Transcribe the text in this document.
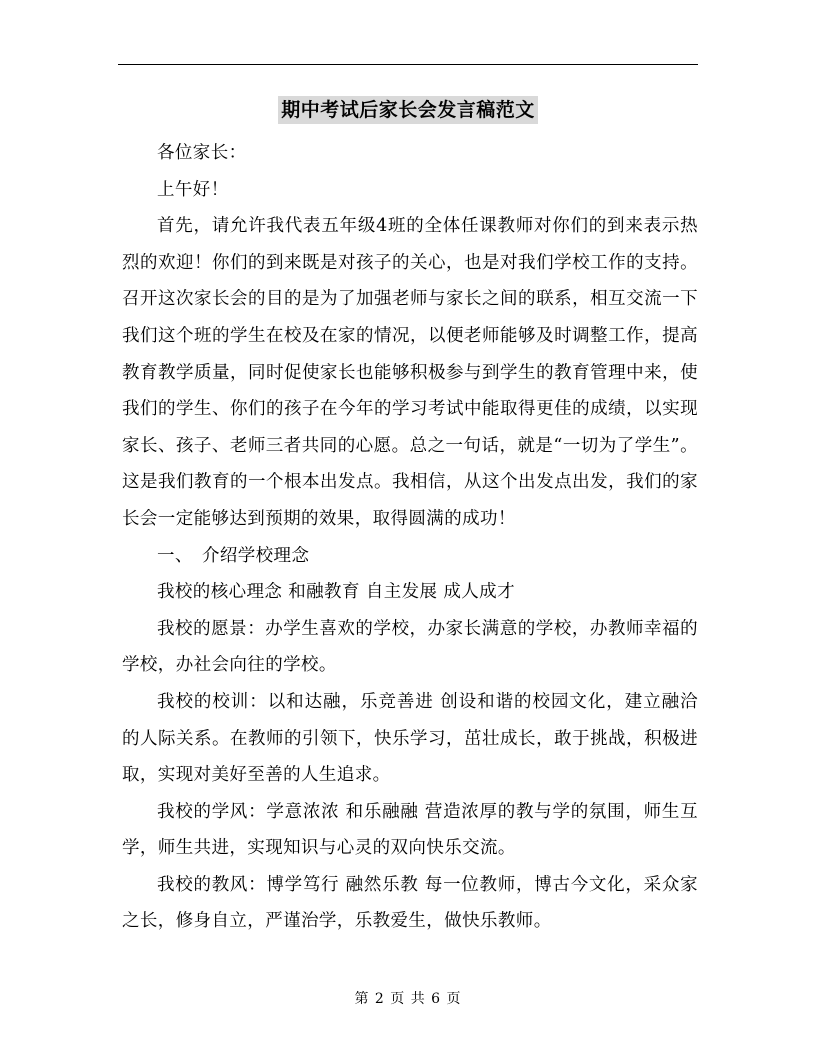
期中考试后家长会发言稿范文

各位家长：

上午好！

首先，请允许我代表五年级4班的全体任课教师对你们的到来表示热烈的欢迎！你们的到来既是对孩子的关心，也是对我们学校工作的支持。召开这次家长会的目的是为了加强老师与家长之间的联系，相互交流一下我们这个班的学生在校及在家的情况，以便老师能够及时调整工作，提高教育教学质量，同时促使家长也能够积极参与到学生的教育管理中来，使我们的学生、你们的孩子在今年的学习考试中能取得更佳的成绩，以实现家长、孩子、老师三者共同的心愿。总之一句话，就是“一切为了学生”。这是我们教育的一个根本出发点。我相信，从这个出发点出发，我们的家长会一定能够达到预期的效果，取得圆满的成功！

一、　介绍学校理念

我校的核心理念 和融教育 自主发展 成人成才

我校的愿景：办学生喜欢的学校，办家长满意的学校，办教师幸福的学校，办社会向往的学校。

我校的校训：以和达融，乐竞善进 创设和谐的校园文化，建立融洽的人际关系。在教师的引领下，快乐学习，茁壮成长，敢于挑战，积极进取，实现对美好至善的人生追求。

我校的学风：学意浓浓 和乐融融 营造浓厚的教与学的氛围，师生互学，师生共进，实现知识与心灵的双向快乐交流。

我校的教风：博学笃行 融然乐教 每一位教师，博古今文化，采众家之长，修身自立，严谨治学，乐教爱生，做快乐教师。

第 2 页 共 6 页
